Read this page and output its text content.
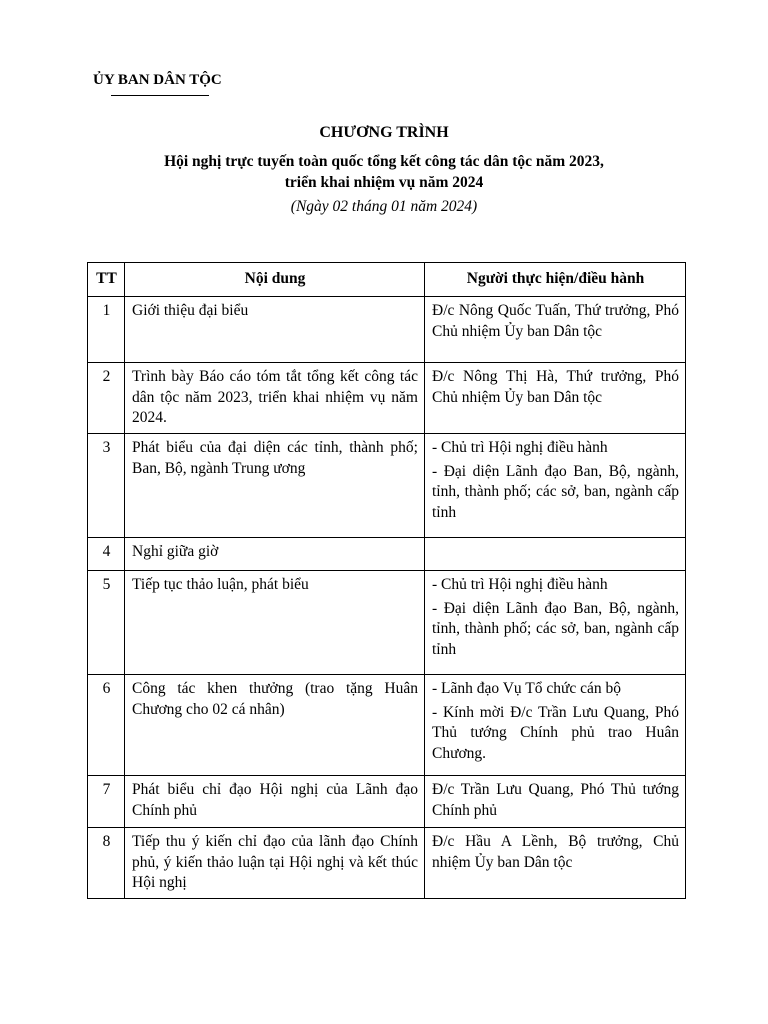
ỦY BAN DÂN TỘC
CHƯƠNG TRÌNH
Hội nghị trực tuyến toàn quốc tổng kết công tác dân tộc năm 2023,
triển khai nhiệm vụ năm 2024
(Ngày 02 tháng 01 năm 2024)
TT	Nội dung	Người thực hiện/điều hành
1	Giới thiệu đại biểu	Đ/c Nông Quốc Tuấn, Thứ trưởng, Phó Chủ nhiệm Ủy ban Dân tộc

2	Trình bày Báo cáo tóm tắt tổng kết công tác dân tộc năm 2023, triển khai nhiệm vụ năm 2024.	Đ/c Nông Thị Hà, Thứ trưởng, Phó Chủ nhiệm Ủy ban Dân tộc

3	Phát biểu của đại diện các tỉnh, thành phố; Ban, Bộ, ngành Trung ương	- Chủ trì Hội nghị điều hành
- Đại diện Lãnh đạo Ban, Bộ, ngành, tỉnh, thành phố; các sở, ban, ngành cấp tỉnh

4	Nghỉ giữa giờ	

5	Tiếp tục thảo luận, phát biểu	- Chủ trì Hội nghị điều hành
- Đại diện Lãnh đạo Ban, Bộ, ngành, tỉnh, thành phố; các sở, ban, ngành cấp tỉnh

6	Công tác khen thưởng (trao tặng Huân Chương cho 02 cá nhân)	- Lãnh đạo Vụ Tổ chức cán bộ
- Kính mời Đ/c Trần Lưu Quang, Phó Thủ tướng Chính phủ trao Huân Chương.

7	Phát biểu chỉ đạo Hội nghị của Lãnh đạo Chính phủ	Đ/c Trần Lưu Quang, Phó Thủ tướng Chính phủ

8	Tiếp thu ý kiến chỉ đạo của lãnh đạo Chính phủ, ý kiến thảo luận tại Hội nghị và kết thúc Hội nghị	Đ/c Hầu A Lềnh, Bộ trưởng, Chủ nhiệm Ủy ban Dân tộc
